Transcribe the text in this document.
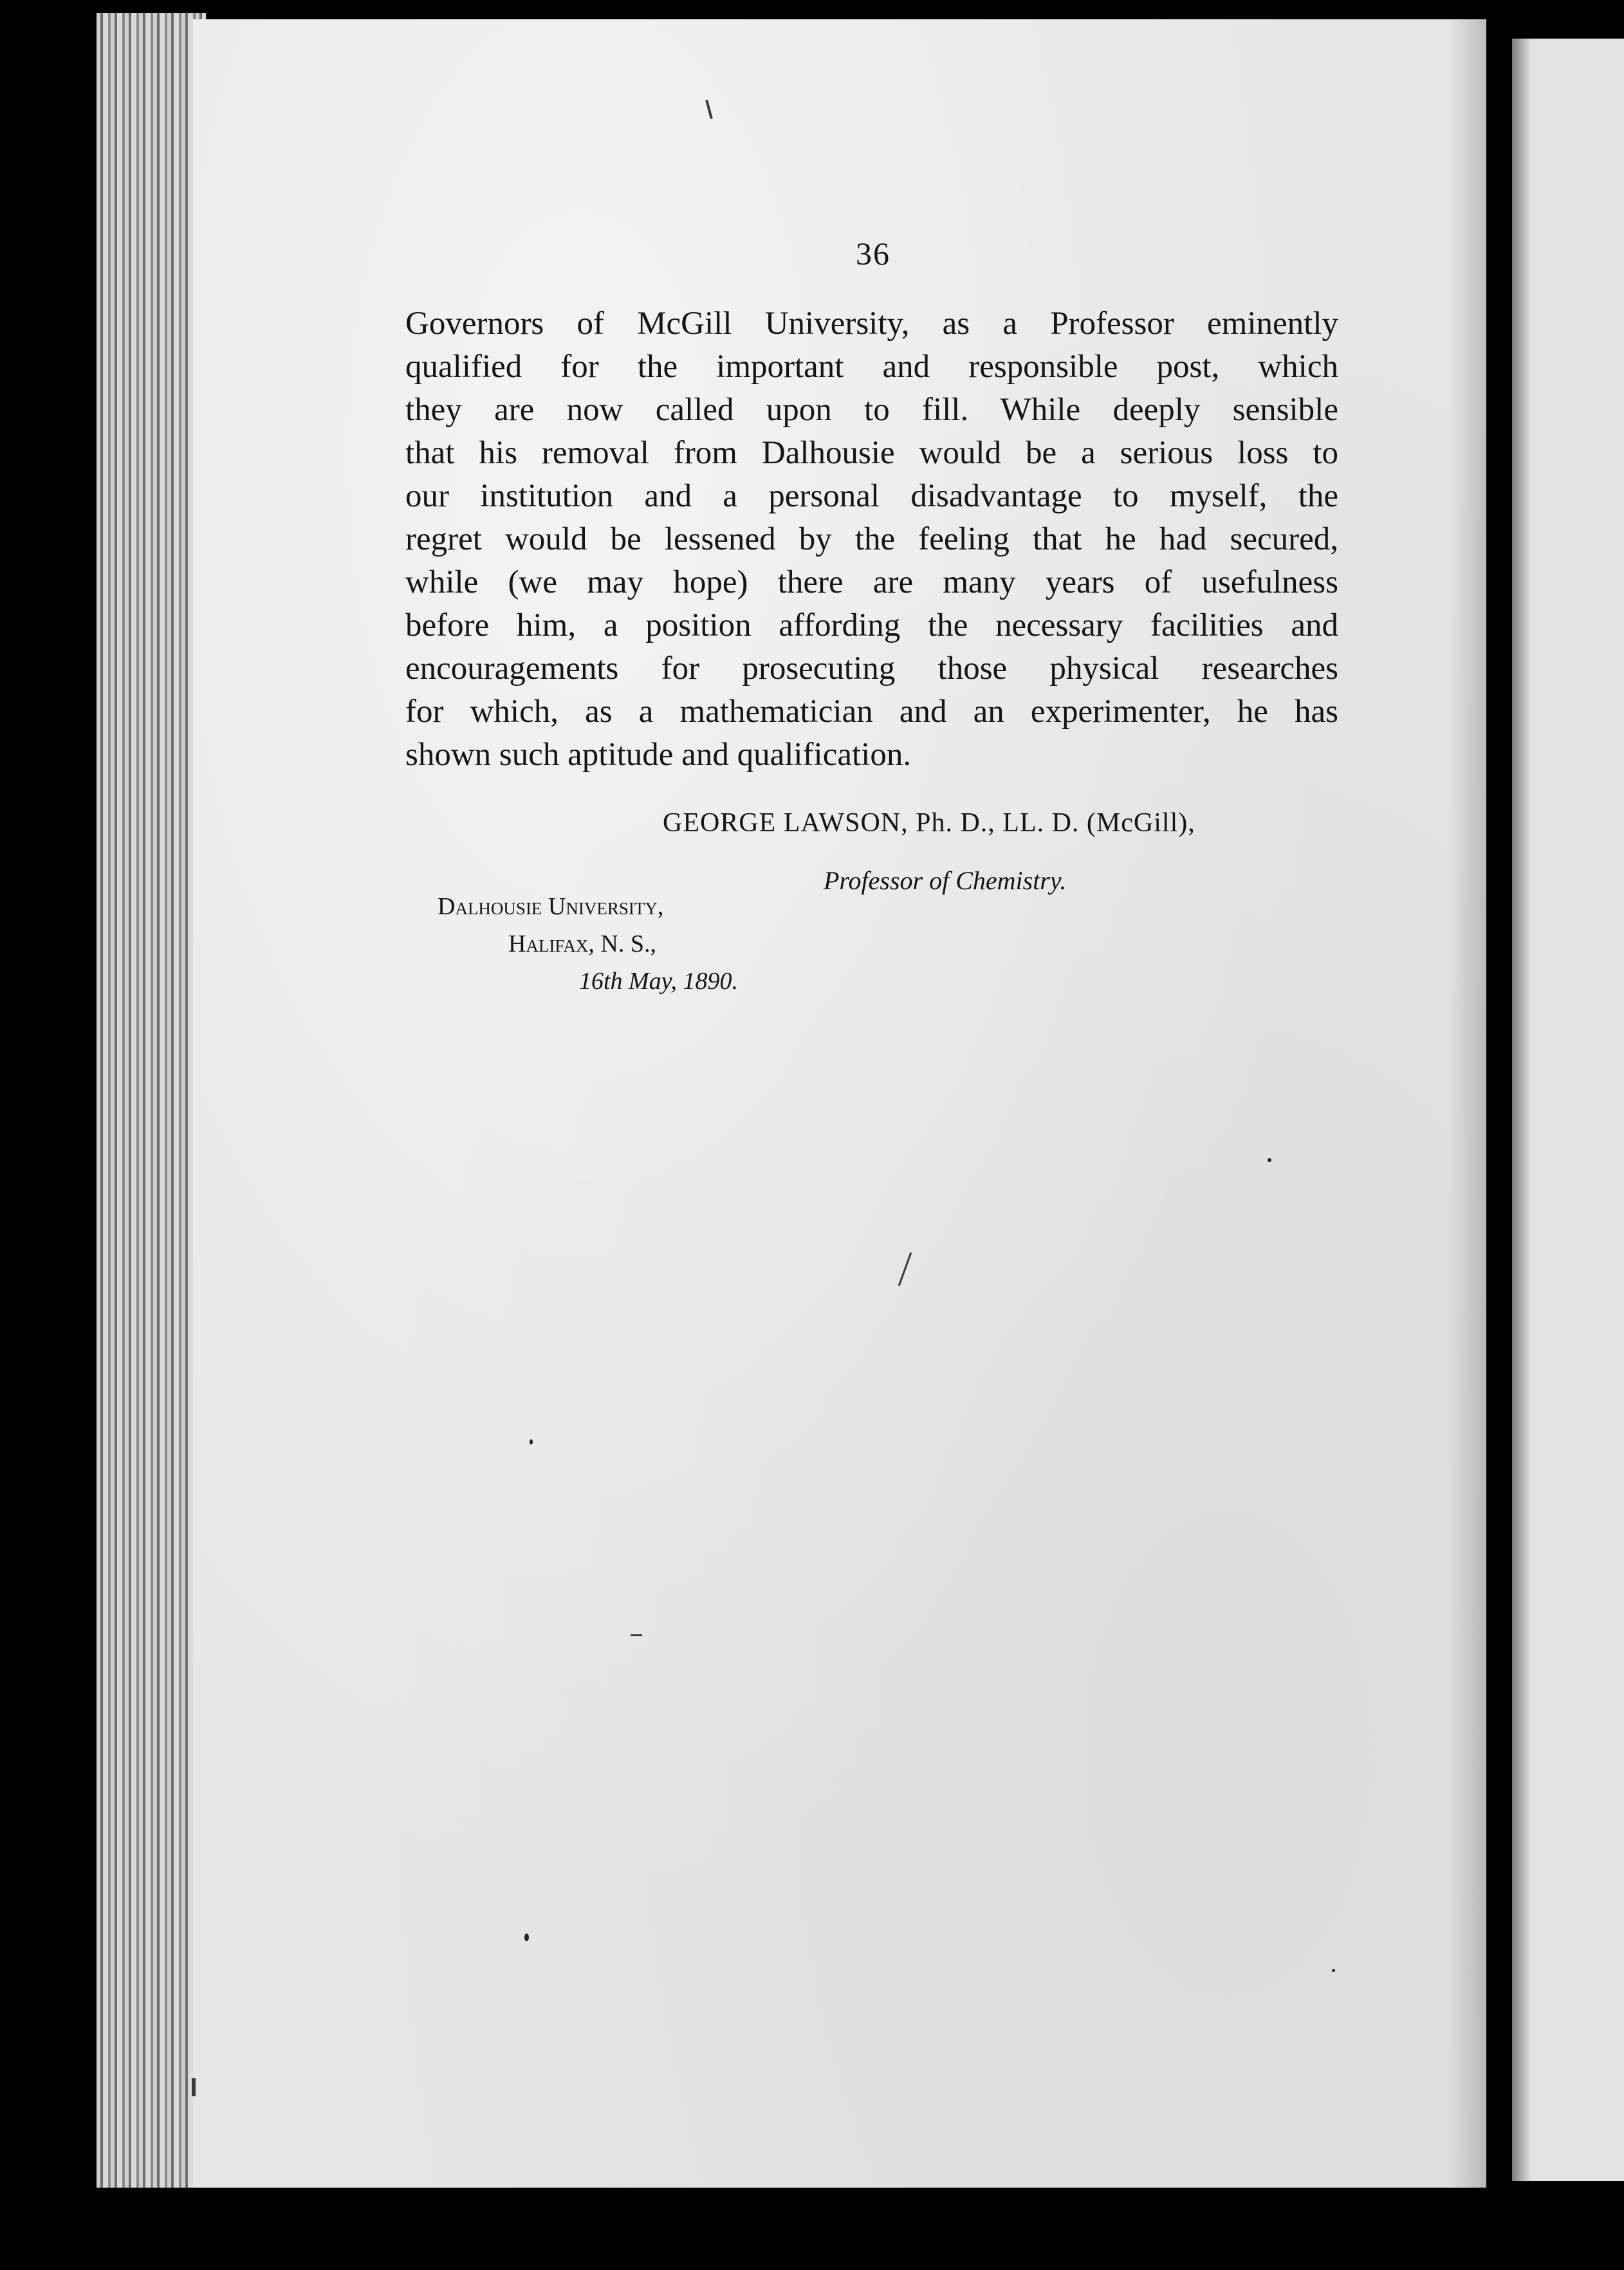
36
Governors of McGill University, as a Professor eminently
qualified for the important and responsible post, which
they are now called upon to fill. While deeply sensible
that his removal from Dalhousie would be a serious loss to
our institution and a personal disadvantage to myself, the
regret would be lessened by the feeling that he had secured,
while (we may hope) there are many years of usefulness
before him, a position affording the necessary facilities and
encouragements for prosecuting those physical researches
for which, as a mathematician and an experimenter, he has
shown such aptitude and qualification.
GEORGE LAWSON, Ph. D., LL. D. (McGill),
Professor of Chemistry.
Dalhousie University,
Halifax, N. S.,
16th May, 1890.
